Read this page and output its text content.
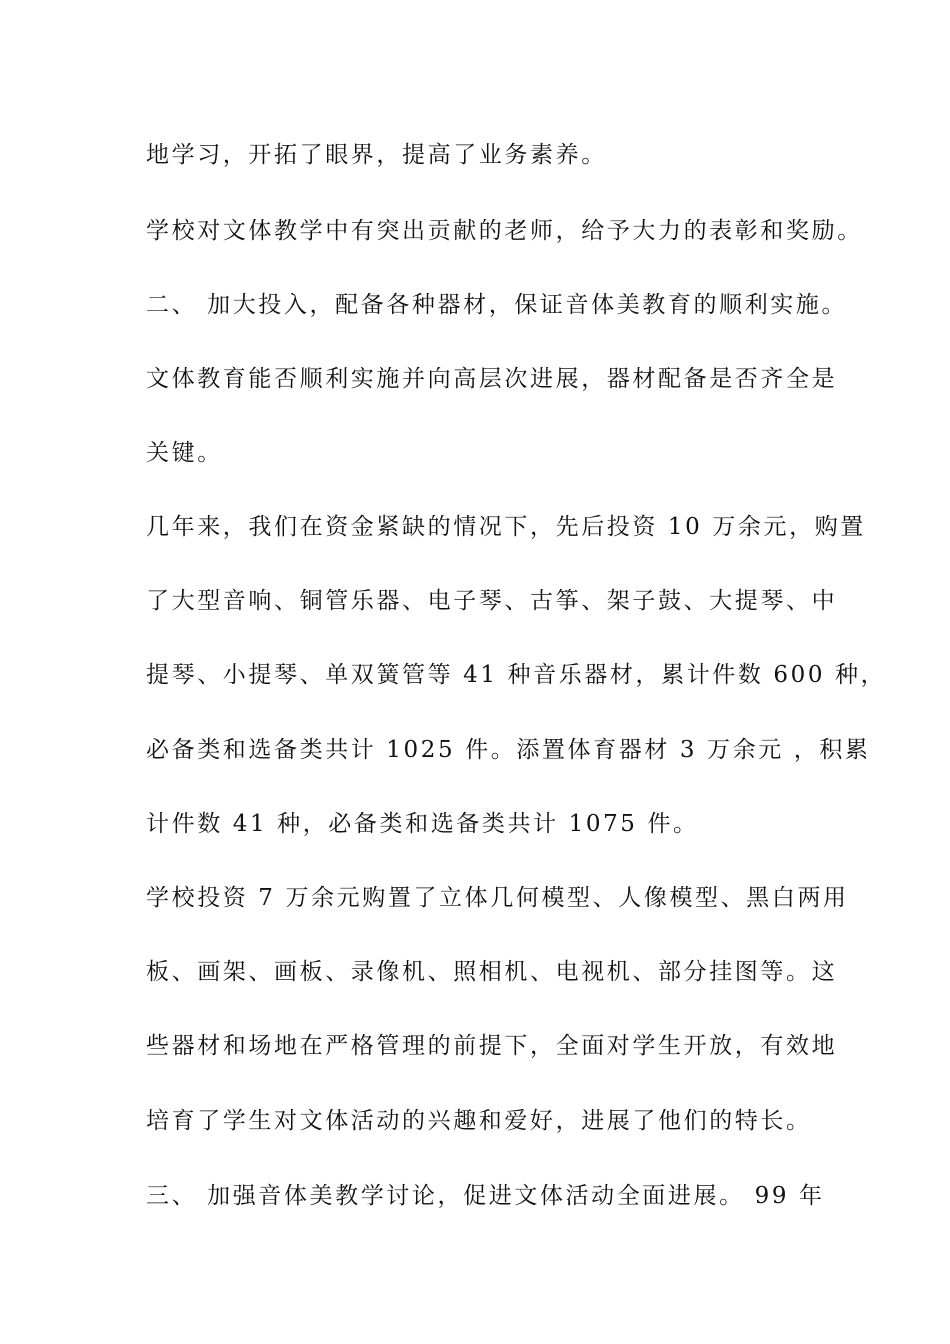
地学习，开拓了眼界，提高了业务素养。
学校对文体教学中有突出贡献的老师，给予大力的表彰和奖励。
二、 加大投入，配备各种器材，保证音体美教育的顺利实施。
文体教育能否顺利实施并向高层次进展，器材配备是否齐全是
关键。
几年来，我们在资金紧缺的情况下，先后投资 10 万余元，购置
了大型音响、铜管乐器、电子琴、古筝、架子鼓、大提琴、中
提琴、小提琴、单双簧管等 41 种音乐器材，累计件数 600 种，
必备类和选备类共计 1025 件。添置体育器材 3 万余元 ，积累
计件数 41 种，必备类和选备类共计 1075 件。
学校投资 7 万余元购置了立体几何模型、人像模型、黑白两用
板、画架、画板、录像机、照相机、电视机、部分挂图等。这
些器材和场地在严格管理的前提下，全面对学生开放，有效地
培育了学生对文体活动的兴趣和爱好，进展了他们的特长。
三、 加强音体美教学讨论，促进文体活动全面进展。 99 年
